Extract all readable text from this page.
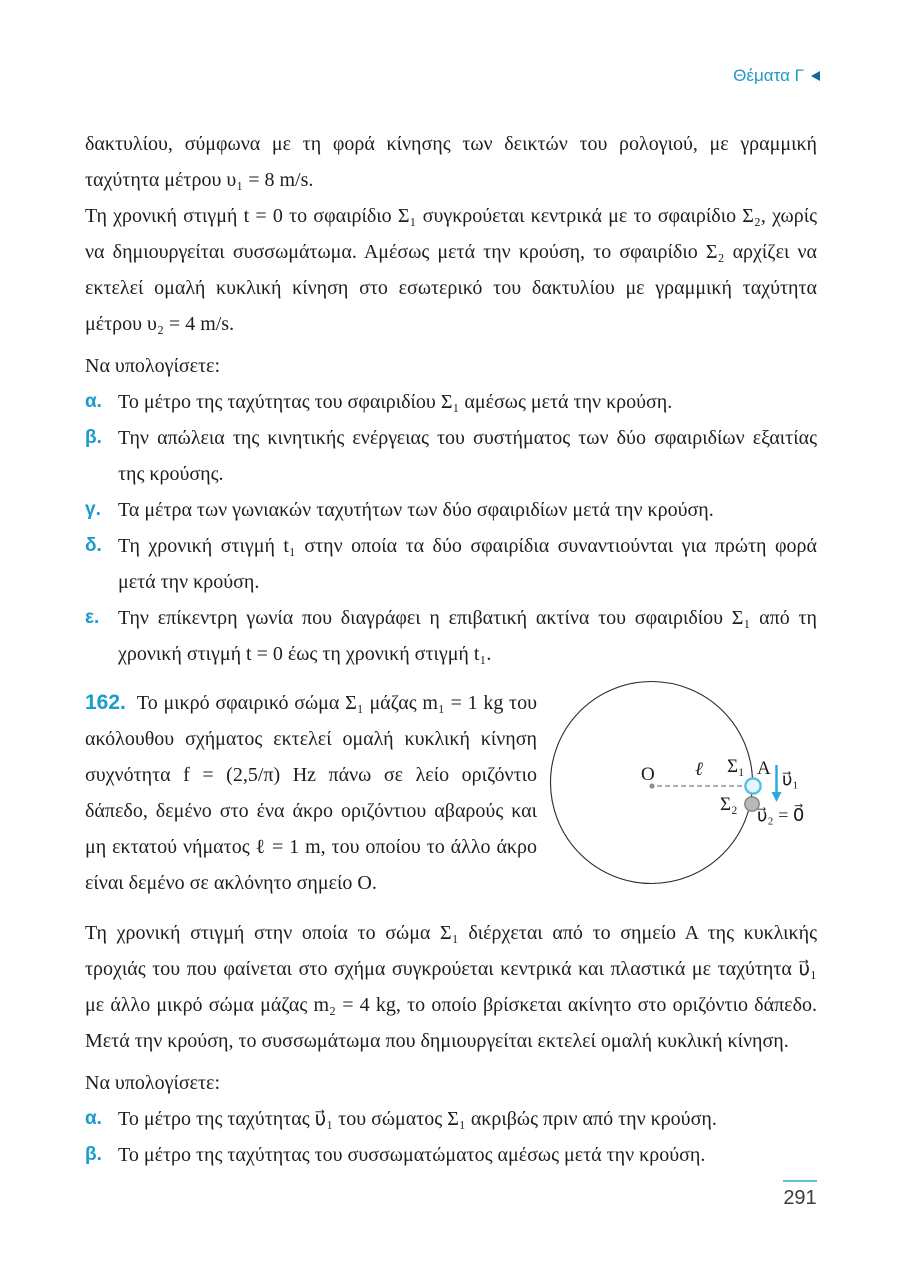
Θέματα Γ

δακτυλίου, σύμφωνα με τη φορά κίνησης των δεικτών του ρολογιού, με γραμμική ταχύτητα μέτρου υ₁ = 8 m/s.

Τη χρονική στιγμή t = 0 το σφαιρίδιο Σ₁ συγκρούεται κεντρικά με το σφαιρίδιο Σ₂, χωρίς να δημιουργείται συσσωμάτωμα. Αμέσως μετά την κρούση, το σφαιρίδιο Σ₂ αρχίζει να εκτελεί ομαλή κυκλική κίνηση στο εσωτερικό του δακτυλίου με γραμμική ταχύτητα μέτρου υ₂ = 4 m/s.

Να υπολογίσετε:

α. Το μέτρο της ταχύτητας του σφαιριδίου Σ₁ αμέσως μετά την κρούση.
β. Την απώλεια της κινητικής ενέργειας του συστήματος των δύο σφαιριδίων εξαιτίας της κρούσης.
γ. Τα μέτρα των γωνιακών ταχυτήτων των δύο σφαιριδίων μετά την κρούση.
δ. Τη χρονική στιγμή t₁ στην οποία τα δύο σφαιρίδια συναντιούνται για πρώτη φορά μετά την κρούση.
ε. Την επίκεντρη γωνία που διαγράφει η επιβατική ακτίνα του σφαιριδίου Σ₁ από τη χρονική στιγμή t = 0 έως τη χρονική στιγμή t₁.

162. Το μικρό σφαιρικό σώμα Σ₁ μάζας m₁ = 1 kg του ακόλουθου σχήματος εκτελεί ομαλή κυκλική κίνηση συχνότητα f = (2,5/π) Hz πάνω σε λείο οριζόντιο δάπεδο, δεμένο στο ένα άκρο οριζόντιου αβαρούς και μη εκτατού νήματος ℓ = 1 m, του οποίου το άλλο άκρο είναι δεμένο σε ακλόνητο σημείο Ο.

O ℓ Σ₁ A
Σ₂
υ⃗₁
υ⃗₂ = 0⃗

Τη χρονική στιγμή στην οποία το σώμα Σ₁ διέρχεται από το σημείο Α της κυκλικής τροχιάς του που φαίνεται στο σχήμα συγκρούεται κεντρικά και πλαστικά με ταχύτητα υ⃗₁ με άλλο μικρό σώμα μάζας m₂ = 4 kg, το οποίο βρίσκεται ακίνητο στο οριζόντιο δάπεδο. Μετά την κρούση, το συσσωμάτωμα που δημιουργείται εκτελεί ομαλή κυκλική κίνηση.

Να υπολογίσετε:

α. Το μέτρο της ταχύτητας υ⃗₁ του σώματος Σ₁ ακριβώς πριν από την κρούση.
β. Το μέτρο της ταχύτητας του συσσωματώματος αμέσως μετά την κρούση.
291
